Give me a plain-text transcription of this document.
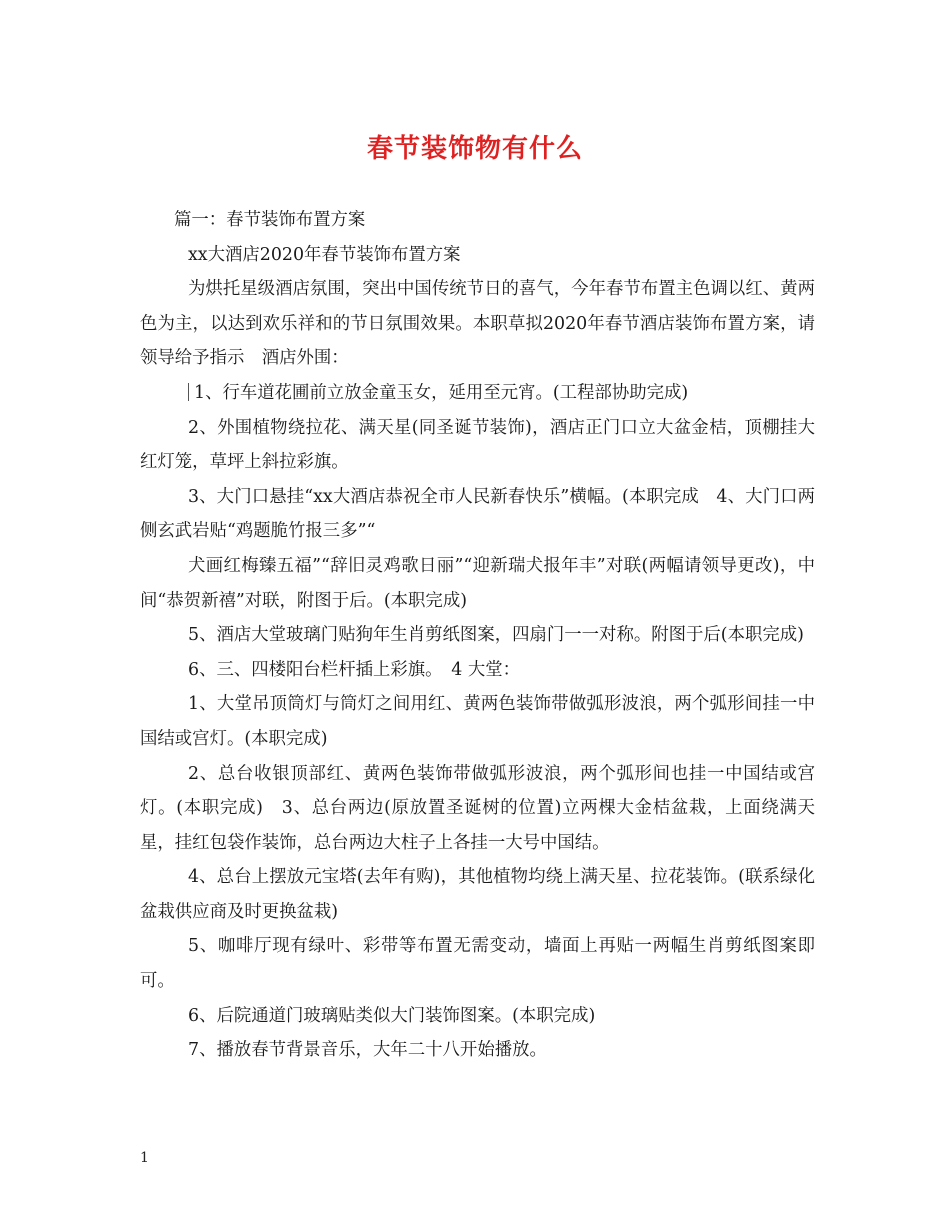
春节装饰物有什么

篇一：春节装饰布置方案

xx大酒店2020年春节装饰布置方案

为烘托星级酒店氛围，突出中国传统节日的喜气，今年春节布置主色调以红、黄两色为主，以达到欢乐祥和的节日氛围效果。本职草拟2020年春节酒店装饰布置方案，请领导给予指示　酒店外围：

1、行车道花圃前立放金童玉女，延用至元宵。(工程部协助完成)

2、外围植物绕拉花、满天星(同圣诞节装饰)，酒店正门口立大盆金桔，顶棚挂大红灯笼，草坪上斜拉彩旗。

3、大门口悬挂“xx大酒店恭祝全市人民新春快乐”横幅。(本职完成　4、大门口两侧玄武岩贴“鸡题脆竹报三多”“

犬画红梅臻五福”“辞旧灵鸡歌日丽”“迎新瑞犬报年丰”对联(两幅请领导更改)，中间“恭贺新禧”对联，附图于后。(本职完成)

5、酒店大堂玻璃门贴狗年生肖剪纸图案，四扇门一一对称。附图于后(本职完成)

6、三、四楼阳台栏杆插上彩旗。　4 大堂：

1、大堂吊顶筒灯与筒灯之间用红、黄两色装饰带做弧形波浪，两个弧形间挂一中国结或宫灯。(本职完成)

2、总台收银顶部红、黄两色装饰带做弧形波浪，两个弧形间也挂一中国结或宫灯。(本职完成)　3、总台两边(原放置圣诞树的位置)立两棵大金桔盆栽，上面绕满天星，挂红包袋作装饰，总台两边大柱子上各挂一大号中国结。

4、总台上摆放元宝塔(去年有购)，其他植物均绕上满天星、拉花装饰。(联系绿化盆栽供应商及时更换盆栽)

5、咖啡厅现有绿叶、彩带等布置无需变动，墙面上再贴一两幅生肖剪纸图案即可。

6、后院通道门玻璃贴类似大门装饰图案。(本职完成)

7、播放春节背景音乐，大年二十八开始播放。

1
